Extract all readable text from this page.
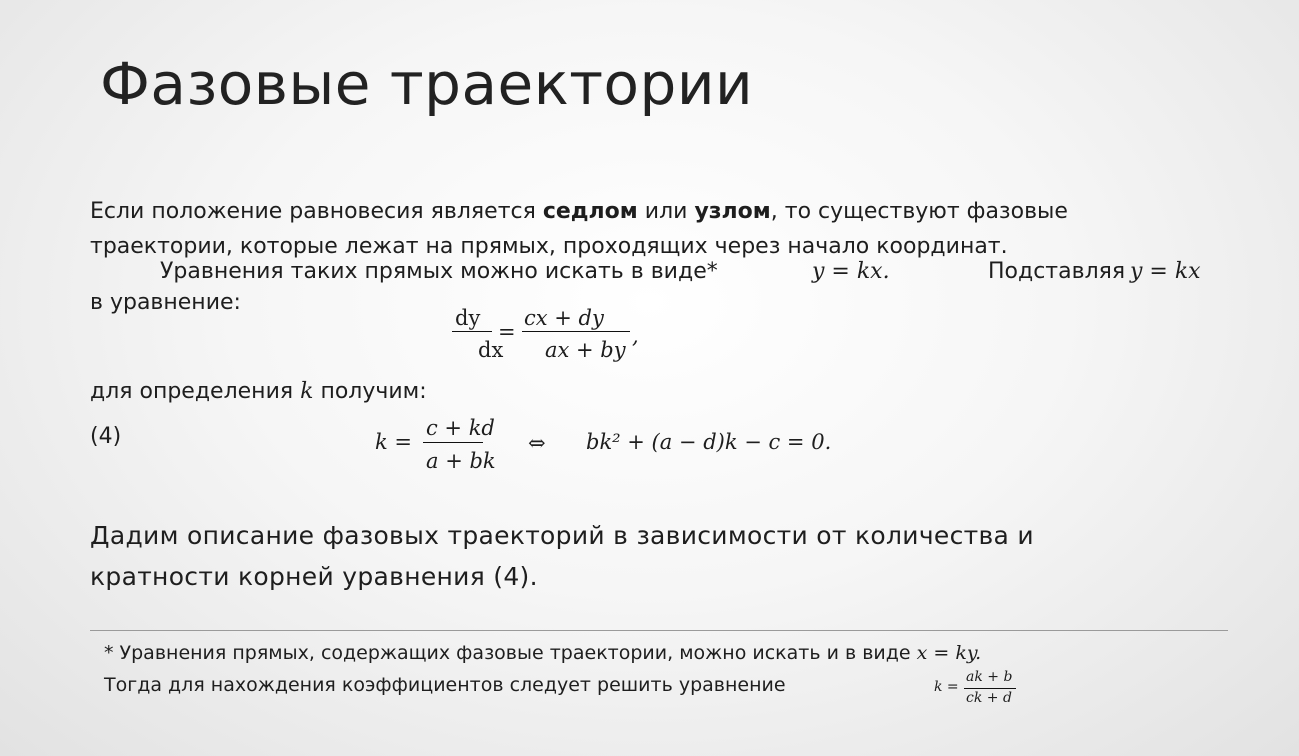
Фазовые траектории
Если положение равновесия является седлом или узлом, то существуют фазовые
траектории, которые лежат на прямых, проходящих через начало координат.
Уравнения таких прямых можно искать в виде*	y = kx.	Подставляя y = kx
в уравнение:
dy
dx
=
cx + dy
ax + by
,
для определения k получим:
(4)	k =
c + kd
a + bk
⇔ bk² + (a − d)k − c = 0.
Дадим описание фазовых траекторий в зависимости от количества и
кратности корней уравнения (4).
* Уравнения прямых, содержащих фазовые траектории, можно искать и в виде x = ky.
Тогда для нахождения коэффициентов следует решить уравнение	k =
ak + b
ck + d
